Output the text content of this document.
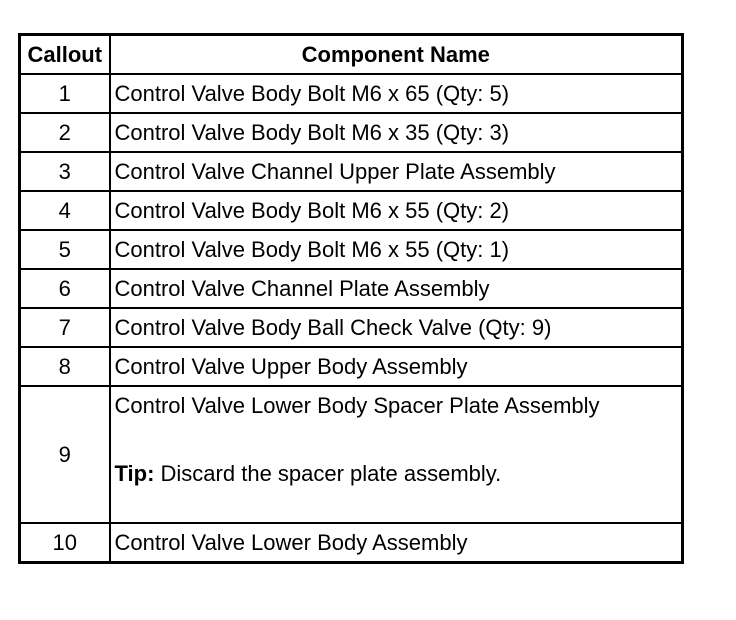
Callout	Component Name
1	Control Valve Body Bolt M6 x 65 (Qty: 5)
2	Control Valve Body Bolt M6 x 35 (Qty: 3)
3	Control Valve Channel Upper Plate Assembly
4	Control Valve Body Bolt M6 x 55 (Qty: 2)
5	Control Valve Body Bolt M6 x 55 (Qty: 1)
6	Control Valve Channel Plate Assembly
7	Control Valve Body Ball Check Valve (Qty: 9)
8	Control Valve Upper Body Assembly
9	Control Valve Lower Body Spacer Plate Assembly
Tip: Discard the spacer plate assembly.

10	Control Valve Lower Body Assembly
